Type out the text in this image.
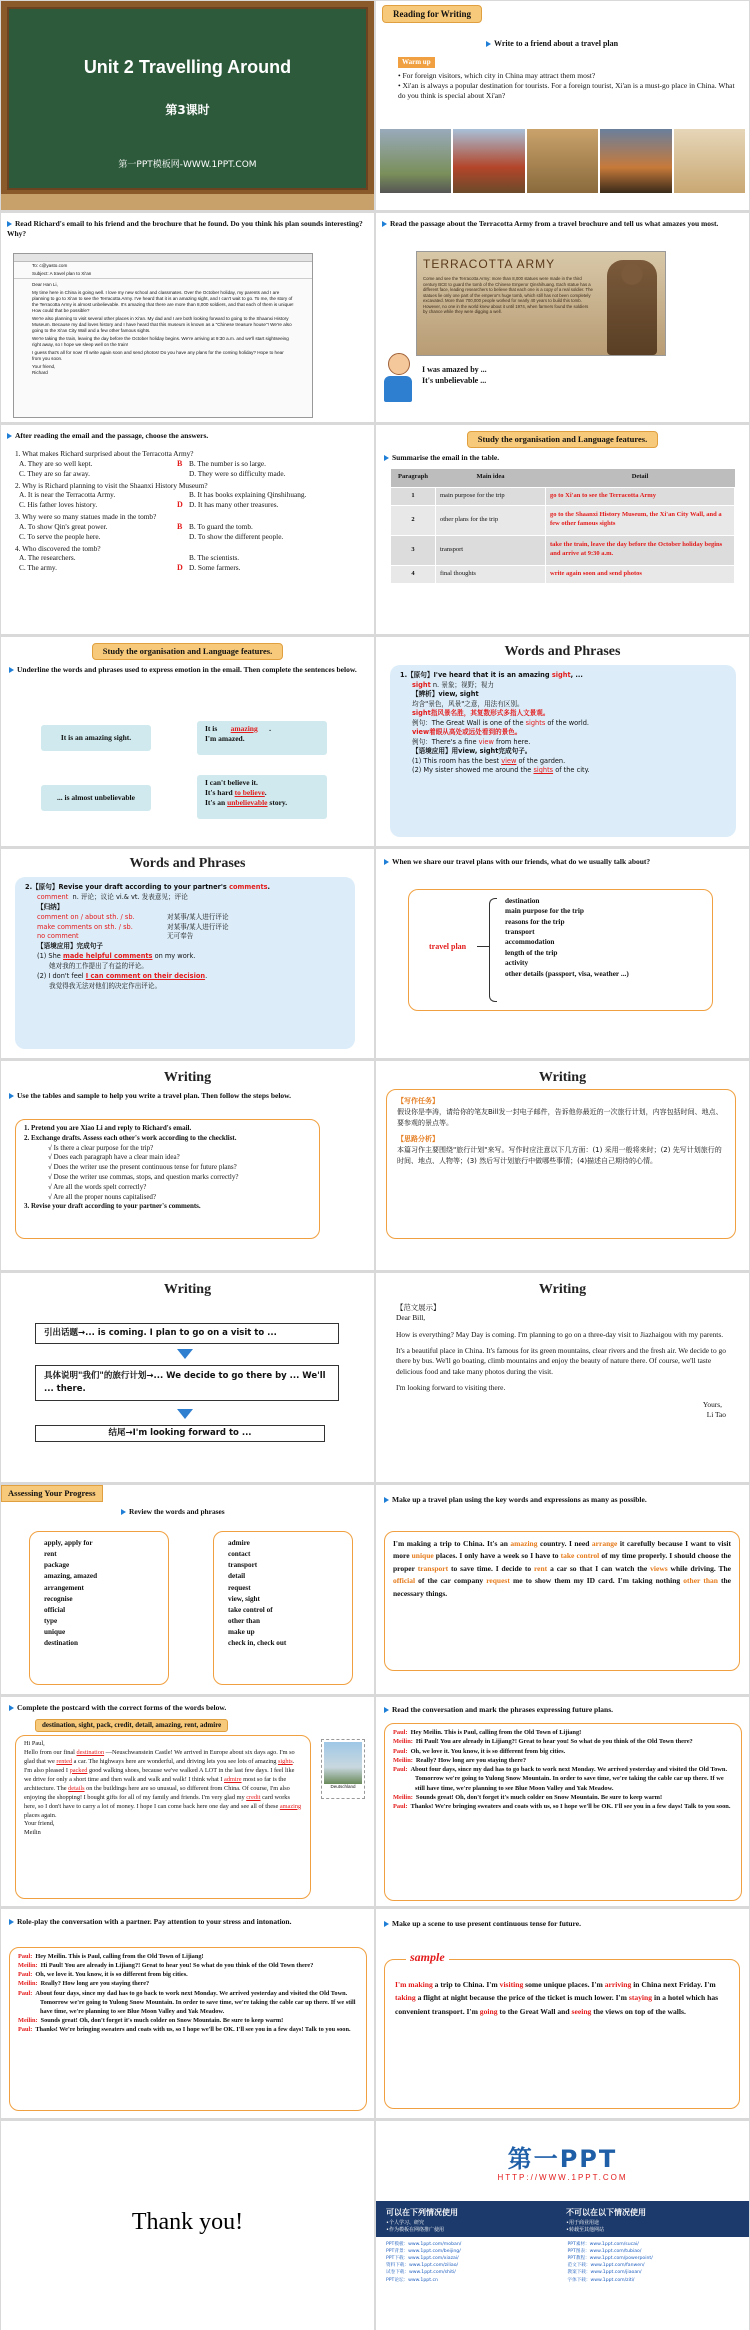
Unit 2 Travelling Around
第3课时
第一PPT模板网-WWW.1PPT.COM
Reading for Writing
Write to a friend about a travel plan
Warm up
• For foreign visitors, which city in China may attract them most?
• Xi'an is always a popular destination for tourists. For a foreign tourist, Xi'an is a must-go place in China. What do you think is special about Xi'an?
Read Richard's email to his friend and the brochure that he found. Do you think his plan sounds interesting? Why?
To: c@yasto.com
Subject: A travel plan to Xi'an
Dear Han Li,
My time here in China is going well. I love my new school and classmates. Over the October holiday, my parents and I are planning to go to Xi'an to see the Terracotta Army. I've heard that it is an amazing sight, and I can't wait to go. To me, the story of the Terracotta Army is almost unbelievable. It's amazing that there are more than 8,000 soldiers, and that each of them is unique! How could that be possible?
We're also planning to visit several other places in Xi'an. My dad and I are both looking forward to going to the Shaanxi History Museum. Because my dad loves history and I have heard that this museum is known as a "Chinese treasure house"! We're also going to the Xi'an City Wall and a few other famous sights.
We're taking the train, leaving the day before the October holiday begins. We're arriving at 9:30 a.m. and we'll start sightseeing right away, so I hope we sleep well on the train!
I guess that's all for now! I'll write again soon and send photos! Do you have any plans for the coming holiday? Hope to hear from you soon.
Your friend,
Richard
Read the passage about the Terracotta Army from a travel brochure and tell us what amazes you most.
TERRACOTTA ARMY
Come and see the Terracotta Army: more than 8,000 statues were made in the third century BCE to guard the tomb of the Chinese Emperor Qinshihuang. Each statue has a different face, leading researchers to believe that each one is a copy of a real soldier. The statues lie only one part of the emperor's huge tomb, which still has not been completely excavated. More than 700,000 people worked for nearly 40 years to build this tomb. However, no one in the world knew about it until 1974, when farmers found the soldiers by chance while they were digging a well.
I was amazed by ...
It's unbelievable ...
After reading the email and the passage, choose the answers.
1. What makes Richard surprised about the Terracotta Army?
A. They are so well kept.	B. The number is so large.
C. They are so far away.	D. They were so difficulty made.
B
2. Why is Richard planning to visit the Shaanxi History Museum?
A. It is near the Terracotta Army.	B. It has books explaining Qinshihuang.
C. His father loves history.	D. It has many other treasures.
D
3. Why were so many statues made in the tomb?
A. To show Qin's great power.	B. To guard the tomb.
C. To serve the people here.	D. To show the different people.
B
4. Who discovered the tomb?
A. The researchers.	B. The scientists.
C. The army.	D. Some farmers.
D
Study the organisation and Language features.
Summarise the email in the table.
Paragraph	Main idea	Detail
1	main purpose for the trip	go to Xi'an to see the Terracotta Army
2	other plans for the trip	go to the Shaanxi History Museum, the Xi'an City Wall, and a few other famous sights
3	transport	take the train, leave the day before the October holiday begins and arrive at 9:30 a.m.
4	final thoughts	write again soon and send photos
Study the organisation and Language features.
Underline the words and phrases used to express emotion in the email. Then complete the sentences below.
It is an amazing sight.
It is amazing .
I'm amazed.
... is almost unbelievable
I can't believe it.
It's hard to believe.
It's an unbelievable story.
Words and Phrases
1.【原句】I've heard that it is an amazing sight, ...
sight n. 景象；视野；视力
【辨析】view, sight
均含"景色，风景"之意，用法有区别。
sight指风景名胜，其复数形式多指人文景观。
例句：The Great Wall is one of the sights of the world.
view着眼从高处或远处看到的景色。
例句：There's a fine view from here.
【语境应用】用view, sight完成句子。
(1) This room has the best view of the garden.
(2) My sister showed me around the sights of the city.
Words and Phrases
2.【原句】Revise your draft according to your partner's comments.
comment n. 评论；议论 vi.& vt. 发表意见；评论
【归纳】
comment on / about sth. / sb.	对某事/某人进行评论
make comments on sth. / sb.	对某事/某人进行评论
no comment	无可奉告
【语境应用】完成句子
(1) She made helpful comments on my work.
她对我的工作提出了有益的评论。
(2) I don't feel I can comment on their decision.
我觉得我无法对他们的决定作出评论。
When we share our travel plans with our friends, what do we usually talk about?
travel plan
destination
main purpose for the trip
reasons for the trip
transport
accommodation
length of the trip
activity
other details (passport, visa, weather ...)
Writing
Use the tables and sample to help you write a travel plan. Then follow the steps below.
1. Pretend you are Xiao Li and reply to Richard's email.
2. Exchange drafts. Assess each other's work according to the checklist.
√ Is there a clear purpose for the trip?
√ Does each paragraph have a clear main idea?
√ Does the writer use the present continuous tense for future plans?
√ Dose the writer use commas, stops, and question marks correctly?
√ Are all the words spelt correctly?
√ Are all the proper nouns capitalised?
3. Revise your draft according to your partner's comments.
Writing
【写作任务】
假设你是李涛，请给你的笔友Bill发一封电子邮件，告诉他你最近的一次旅行计划，内容包括时间、地点、要参观的景点等。
【思路分析】
本篇习作主要围绕"旅行计划"来写。写作时应注意以下几方面：(1) 采用一般将来时；(2) 先写计划旅行的时间、地点、人物等；(3) 然后写计划旅行中做哪些事情；(4)描述自己期待的心情。
Writing
引出话题→... is coming. I plan to go on a visit to ...
具体说明"我们"的旅行计划→... We decide to go there by ... We'll ... there.
结尾→I'm looking forward to ...
Writing
【范文展示】
Dear Bill,
How is everything? May Day is coming. I'm planning to go on a three-day visit to Jiazhaigou with my parents.
It's a beautiful place in China. It's famous for its green mountains, clear rivers and the fresh air. We decide to go there by bus. We'll go boating, climb mountains and enjoy the beauty of nature there. Of course, we'll taste delicious food and take many photos during the visit.
I'm looking forward to visiting there.
Yours,
Li Tao
Assessing Your Progress
Review the words and phrases
apply, apply for
rent
package
amazing, amazed
arrangement
recognise
official
type
unique
destination
admire
contact
transport
detail
request
view, sight
take control of
other than
make up
check in, check out
Make up a travel plan using the key words and expressions as many as possible.
I'm making a trip to China. It's an amazing country. I need arrange it carefully because I want to visit more unique places. I only have a week so I have to take control of my time properly. I should choose the proper transport to save time. I decide to rent a car so that I can watch the views while driving. The official of the car company request me to show them my ID card. I'm taking nothing other than the necessary things.
Complete the postcard with the correct forms of the words below.
destination, sight, pack, credit, detail, amazing, rent, admire
Hi Paul,
Hello from our final destination —Neuschwanstein Castle! We arrived in Europe about six days ago. I'm so glad that we rented a car. The highways here are wonderful, and driving lets you see lots of amazing sights. I'm also pleased I packed good walking shoes, because we've walked A LOT in the last few days. I feel like we drive for only a short time and then walk and walk and walk! I think what I admire most so far is the architecture. The details on the buildings here are so unusual, so different from China. Of course, I'm also enjoying the shopping! I bought gifts for all of my family and friends. I'm very glad my credit card works here, so I don't have to carry a lot of money. I hope I can come back here one day and see all of these amazing places again.
Your friend,
Meilin
Deutschland
Read the conversation and mark the phrases expressing future plans.
Paul: Hey Meilin. This is Paul, calling from the Old Town of Lijiang!
Meilin: Hi Paul! You are already in Lijiang?! Great to hear you! So what do you think of the Old Town there?
Paul: Oh, we love it. You know, it is so different from big cities.
Meilin: Really? How long are you staying there?
Paul: About four days, since my dad has to go back to work next Monday. We arrived yesterday and visited the Old Town. Tomorrow we're going to Yulong Snow Mountain. In order to save time, we're taking the cable car up there. If we still have time, we're planning to see Blue Moon Valley and Yak Meadow.
Meilin: Sounds great! Oh, don't forget it's much colder on Snow Mountain. Be sure to keep warm!
Paul: Thanks! We're bringing sweaters and coats with us, so I hope we'll be OK. I'll see you in a few days! Talk to you soon.
Role-play the conversation with a partner. Pay attention to your stress and intonation.
Paul: Hey Meilin. This is Paul, calling from the Old Town of Lijiang!
Meilin: Hi Paul! You are already in Lijiang?! Great to hear you! So what do you think of the Old Town there?
Paul: Oh, we love it. You know, it is so different from big cities.
Meilin: Really? How long are you staying there?
Paul: About four days, since my dad has to go back to work next Monday. We arrived yesterday and visited the Old Town. Tomorrow we're going to Yulong Snow Mountain. In order to save time, we're taking the cable car up there. If we still have time, we're planning to see Blue Moon Valley and Yak Meadow.
Meilin: Sounds great! Oh, don't forget it's much colder on Snow Mountain. Be sure to keep warm!
Paul: Thanks! We're bringing sweaters and coats with us, so I hope we'll be OK. I'll see you in a few days! Talk to you soon.
Make up a scene to use present continuous tense for future.
I'm making a trip to China. I'm visiting some unique places. I'm arriving in China next Friday. I'm taking a flight at night because the price of the ticket is much lower. I'm staying in a hotel which has convenient transport. I'm going to the Great Wall and seeing the views on top of the walls.
sample
Thank you!
第一PPT
HTTP://WWW.1PPT.COM
可以在下列情况使用
•个人学习、研究
•作为模板在网络推广使用
不可以在以下情况使用
•用于商业用途
•转载至其他网站
PPT模板：www.1ppt.com/moban/	PPT素材：www.1ppt.com/sucai/
PPT背景：www.1ppt.com/beijing/	PPT图表：www.1ppt.com/tubiao/
PPT下载：www.1ppt.com/xiazai/	PPT教程：www.1ppt.com/powerpoint/
资料下载：www.1ppt.com/ziliao/	范文下载：www.1ppt.com/fanwen/
试卷下载：www.1ppt.com/shiti/	教案下载：www.1ppt.com/jiaoan/
PPT论坛：www.1ppt.cn	字体下载：www.1ppt.com/ziti/
